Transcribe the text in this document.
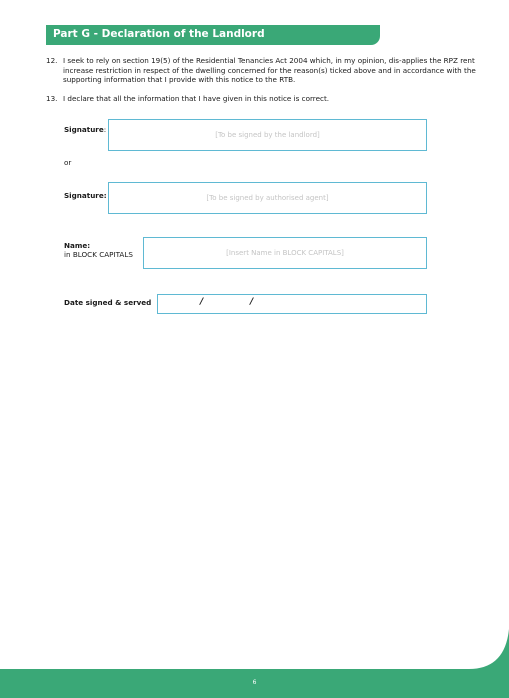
Part G - Declaration of the Landlord
12. I seek to rely on section 19(5) of the Residential Tenancies Act 2004 which, in my opinion, dis-applies the RPZ rent increase restriction in respect of the dwelling concerned for the reason(s) ticked above and in accordance with the supporting information that I provide with this notice to the RTB.
13. I declare that all the information that I have given in this notice is correct.
Signature:
[To be signed by the landlord]
or
Signature:	[To be signed by authorised agent]
Name:
in BLOCK CAPITALS	[Insert Name in BLOCK CAPITALS]
Date signed & served	/	/
6
